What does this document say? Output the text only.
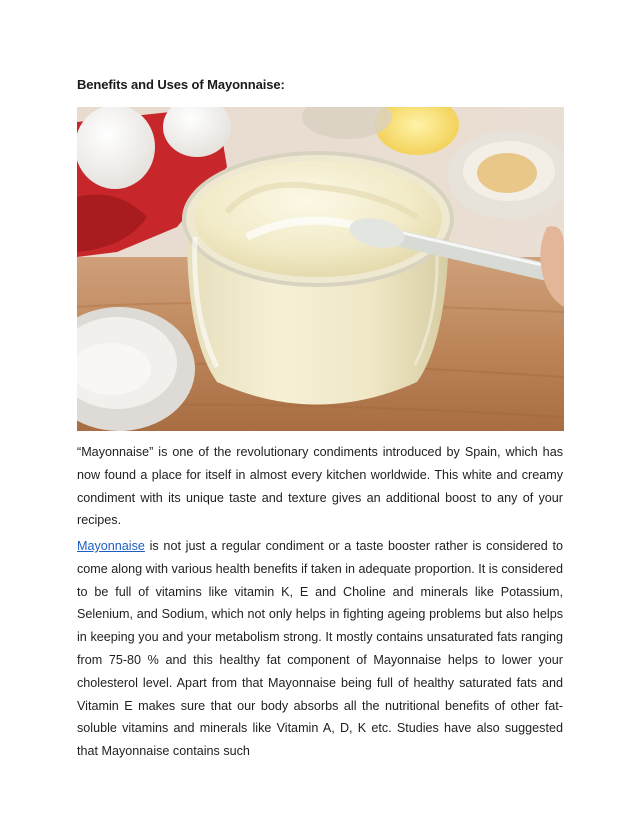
Benefits and Uses of Mayonnaise:

“Mayonnaise” is one of the revolutionary condiments introduced by Spain, which has now found a place for itself in almost every kitchen worldwide. This white and creamy condiment with its unique taste and texture gives an additional boost to any of your recipes.

Mayonnaise is not just a regular condiment or a taste booster rather is considered to come along with various health benefits if taken in adequate proportion. It is considered to be full of vitamins like vitamin K, E and Choline and minerals like Potassium, Selenium, and Sodium, which not only helps in fighting ageing problems but also helps in keeping you and your metabolism strong. It mostly contains unsaturated fats ranging from 75-80 % and this healthy fat component of Mayonnaise helps to lower your cholesterol level. Apart from that Mayonnaise being full of healthy saturated fats and Vitamin E makes sure that our body absorbs all the nutritional benefits of other fat-soluble vitamins and minerals like Vitamin A, D, K etc. Studies have also suggested that Mayonnaise contains such
